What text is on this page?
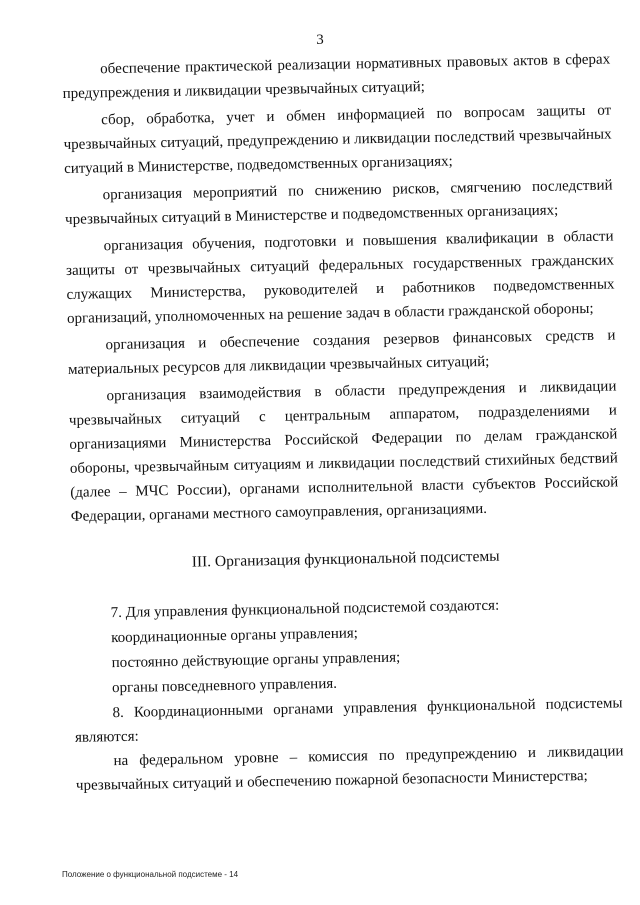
3

обеспечение практической реализации нормативных правовых актов в сферах предупреждения и ликвидации чрезвычайных ситуаций;

сбор, обработка, учет и обмен информацией по вопросам защиты от чрезвычайных ситуаций, предупреждению и ликвидации последствий чрезвычайных ситуаций в Министерстве, подведомственных организациях;

организация мероприятий по снижению рисков, смягчению последствий чрезвычайных ситуаций в Министерстве и подведомственных организациях;

организация обучения, подготовки и повышения квалификации в области защиты от чрезвычайных ситуаций федеральных государственных гражданских служащих Министерства, руководителей и работников подведомственных организаций, уполномоченных на решение задач в области гражданской обороны;

организация и обеспечение создания резервов финансовых средств и материальных ресурсов для ликвидации чрезвычайных ситуаций;

организация взаимодействия в области предупреждения и ликвидации чрезвычайных ситуаций с центральным аппаратом, подразделениями и организациями Министерства Российской Федерации по делам гражданской обороны, чрезвычайным ситуациям и ликвидации последствий стихийных бедствий (далее – МЧС России), органами исполнительной власти субъектов Российской Федерации, органами местного самоуправления, организациями.

III. Организация функциональной подсистемы

7. Для управления функциональной подсистемой создаются:

координационные органы управления;

постоянно действующие органы управления;

органы повседневного управления.

8. Координационными органами управления функциональной подсистемы являются:

на федеральном уровне – комиссия по предупреждению и ликвидации чрезвычайных ситуаций и обеспечению пожарной безопасности Министерства;

Положение о функциональной подсистеме - 14
